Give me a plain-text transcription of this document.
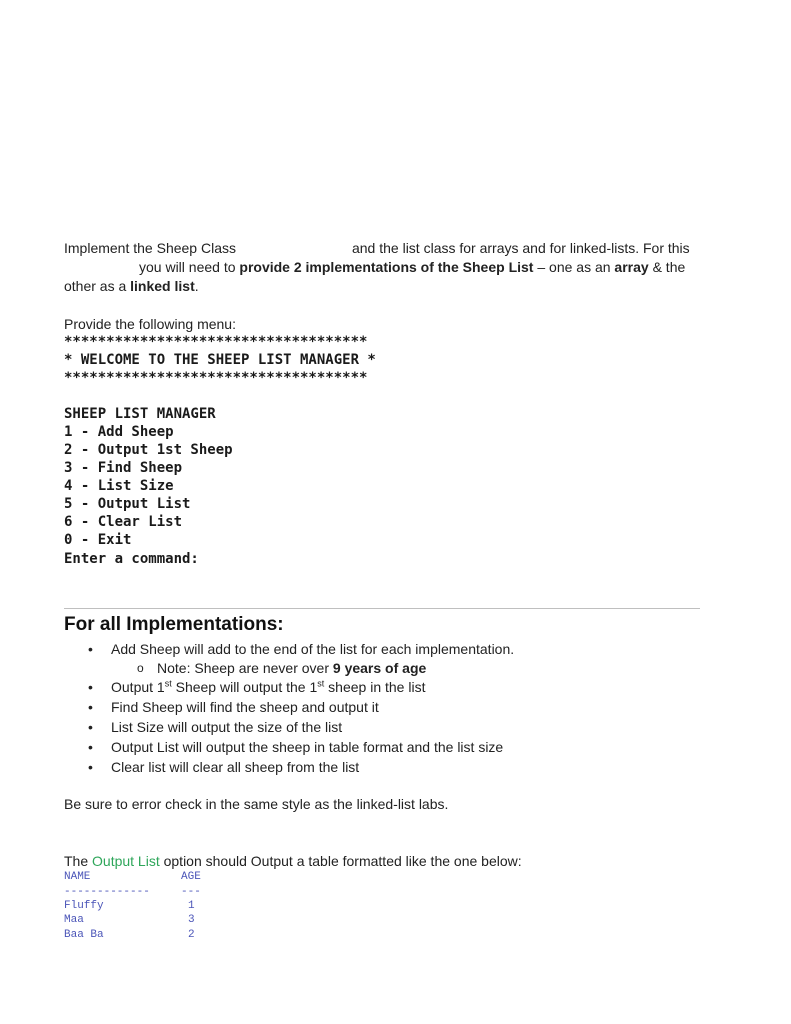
Implement the Sheep Class	and the list class for arrays and for linked-lists. For this
you will need to provide 2 implementations of the Sheep List – one as an array & the
other as a linked list.
Provide the following menu:
************************************
* WELCOME TO THE SHEEP LIST MANAGER *
************************************
SHEEP LIST MANAGER
1 - Add Sheep
2 - Output 1st Sheep
3 - Find Sheep
4 - List Size
5 - Output List
6 - Clear List
0 - Exit
Enter a command:
For all Implementations:
• Add Sheep will add to the end of the list for each implementation.
o Note: Sheep are never over 9 years of age
• Output 1st Sheep will output the 1st sheep in the list
• Find Sheep will find the sheep and output it
• List Size will output the size of the list
• Output List will output the sheep in table format and the list size
• Clear list will clear all sheep from the list
Be sure to error check in the same style as the linked-list labs.
The Output List option should Output a table formatted like the one below:
NAME	AGE
-------------	---
Fluffy	1
Maa	3
Baa Ba	2
